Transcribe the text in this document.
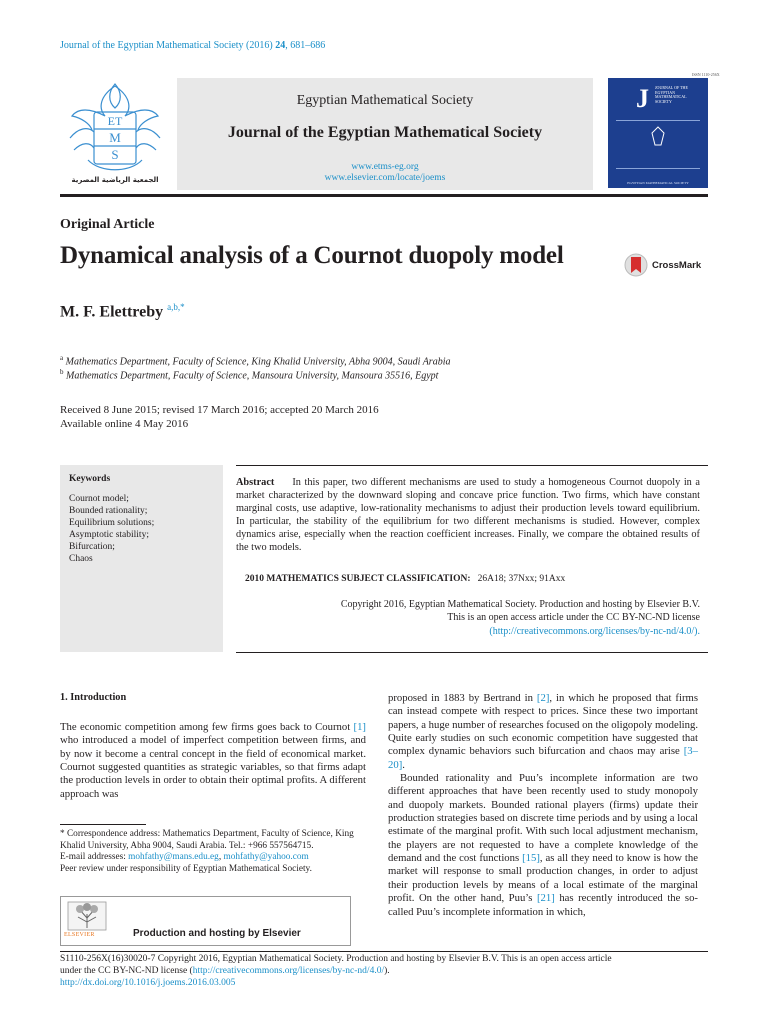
Journal of the Egyptian Mathematical Society (2016) 24, 681–686
ET
M
S
الجمعية الرياضية المصرية
Egyptian Mathematical Society
Journal of the Egyptian Mathematical Society
www.etms-eg.org
www.elsevier.com/locate/joems
ISSN 1110-256X
J JOURNAL OF THE EGYPTIAN MATHEMATICAL SOCIETY
EGYPTIAN MATHEMATICAL SOCIETY
Original Article
Dynamical analysis of a Cournot duopoly model	CrossMark
M. F. Elettreby $^{a,b,*}$
$^a$ Mathematics Department, Faculty of Science, King Khalid University, Abha 9004, Saudi Arabia
$^b$ Mathematics Department, Faculty of Science, Mansoura University, Mansoura 35516, Egypt
Received 8 June 2015; revised 17 March 2016; accepted 20 March 2016
Available online 4 May 2016
Keywords
Cournot model;
Bounded rationality;
Equilibrium solutions;
Asymptotic stability;
Bifurcation;
Chaos
Abstract In this paper, two different mechanisms are used to study a homogeneous Cournot duopoly in a market characterized by the downward sloping and concave price function. Two firms, which have constant marginal costs, use adaptive, low-rationality mechanisms to adjust their production levels toward equilibrium. In particular, the stability of the equilibrium for two different mechanisms is studied. However, complex dynamics arise, especially when the reaction coefficient increases. Finally, we compare the obtained results of the two models.
2010 MATHEMATICS SUBJECT CLASSIFICATION: 26A18; 37Nxx; 91Axx
Copyright 2016, Egyptian Mathematical Society. Production and hosting by Elsevier B.V.
This is an open access article under the CC BY-NC-ND license
(http://creativecommons.org/licenses/by-nc-nd/4.0/).
1. Introduction
The economic competition among few firms goes back to Cournot [1] who introduced a model of imperfect competition between firms, and by now it become a central concept in the field of economical market. Cournot suggested quantities as strategic variables, so that firms adapt the production levels in order to obtain their optimal profits. A different approach was

proposed in 1883 by Bertrand in [2], in which he proposed that firms can instead compete with respect to prices. Since these two important papers, a huge number of researches focused on the oligopoly modeling. Quite early studies on such economic competition have suggested that complex dynamic behaviors such bifurcation and chaos may arise [3–20].

Bounded rationality and Puu’s incomplete information are two different approaches that have been recently used to study monopoly and duopoly markets. Bounded rational players (firms) update their production strategies based on discrete time periods and by using a local estimate of the marginal profit. With such local adjustment mechanism, the players are not requested to have a complete knowledge of the demand and the cost functions [15], as all they need to know is how the market will response to small production changes, in order to adjust their production levels by means of a local estimate of the marginal profit. On the other hand, Puu’s [21] has recently introduced the so-called Puu’s incomplete information in which,

* Correspondence address: Mathematics Department, Faculty of Science, King Khalid University, Abha 9004, Saudi Arabia. Tel.: +966 557564715.

E-mail addresses: mohfathy@mans.edu.eg, mohfathy@yahoo.com

Peer review under responsibility of Egyptian Mathematical Society.

ELSEVIER	Production and hosting by Elsevier
S1110-256X(16)30020-7 Copyright 2016, Egyptian Mathematical Society. Production and hosting by Elsevier B.V. This is an open access article
under the CC BY-NC-ND license (http://creativecommons.org/licenses/by-nc-nd/4.0/).
http://dx.doi.org/10.1016/j.joems.2016.03.005
